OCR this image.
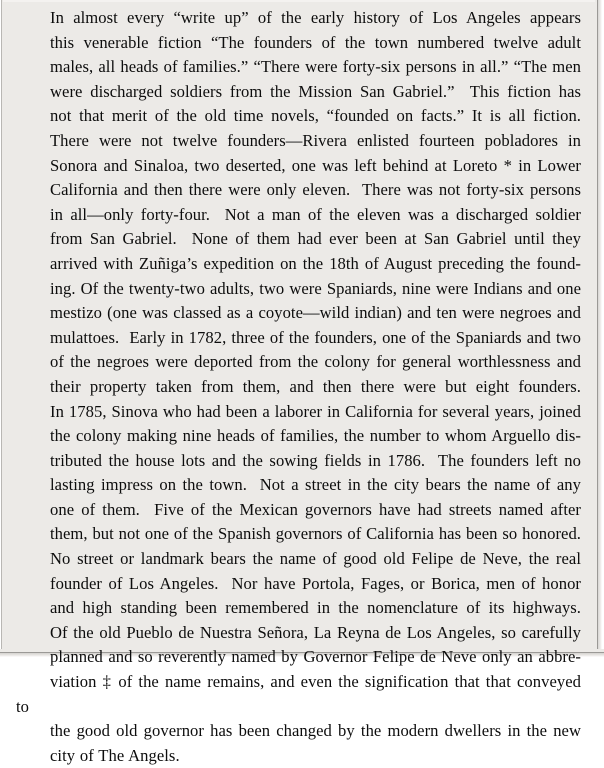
In almost every “write up” of the early history of Los Angeles appears
this venerable fiction “The founders of the town numbered twelve adult
males, all heads of families.” “There were forty-six persons in all.” “The men
were discharged soldiers from the Mission San Gabriel.”  This fiction has
not that merit of the old time novels, “founded on facts.” It is all fiction.
There were not twelve founders—Rivera enlisted fourteen pobladores in
Sonora and Sinaloa, two deserted, one was left behind at Loreto * in Lower
California and then there were only eleven.  There was not forty-six persons
in all—only forty-four.  Not a man of the eleven was a discharged soldier
from San Gabriel.  None of them had ever been at San Gabriel until they
arrived with Zuñiga’s expedition on the 18th of August preceding the found-
ing. Of the twenty-two adults, two were Spaniards, nine were Indians and one
mestizo (one was classed as a coyote—wild indian) and ten were negroes and
mulattoes.  Early in 1782, three of the founders, one of the Spaniards and two
of the negroes were deported from the colony for general worthlessness and
their property taken from them, and then there were but eight founders.
In 1785, Sinova who had been a laborer in California for several years, joined
the colony making nine heads of families, the number to whom Arguello dis-
tributed the house lots and the sowing fields in 1786.  The founders left no
lasting impress on the town.  Not a street in the city bears the name of any
one of them.  Five of the Mexican governors have had streets named after
them, but not one of the Spanish governors of California has been so honored.
No street or landmark bears the name of good old Felipe de Neve, the real
founder of Los Angeles.  Nor have Portola, Fages, or Borica, men of honor
and high standing been remembered in the nomenclature of its highways.
Of the old Pueblo de Nuestra Señora, La Reyna de Los Angeles, so carefully
planned and so reverently named by Governor Felipe de Neve only an abbre-
viation ‡ of the name remains, and even the signification that that conveyed to
the good old governor has been changed by the modern dwellers in the new
city of The Angels.
